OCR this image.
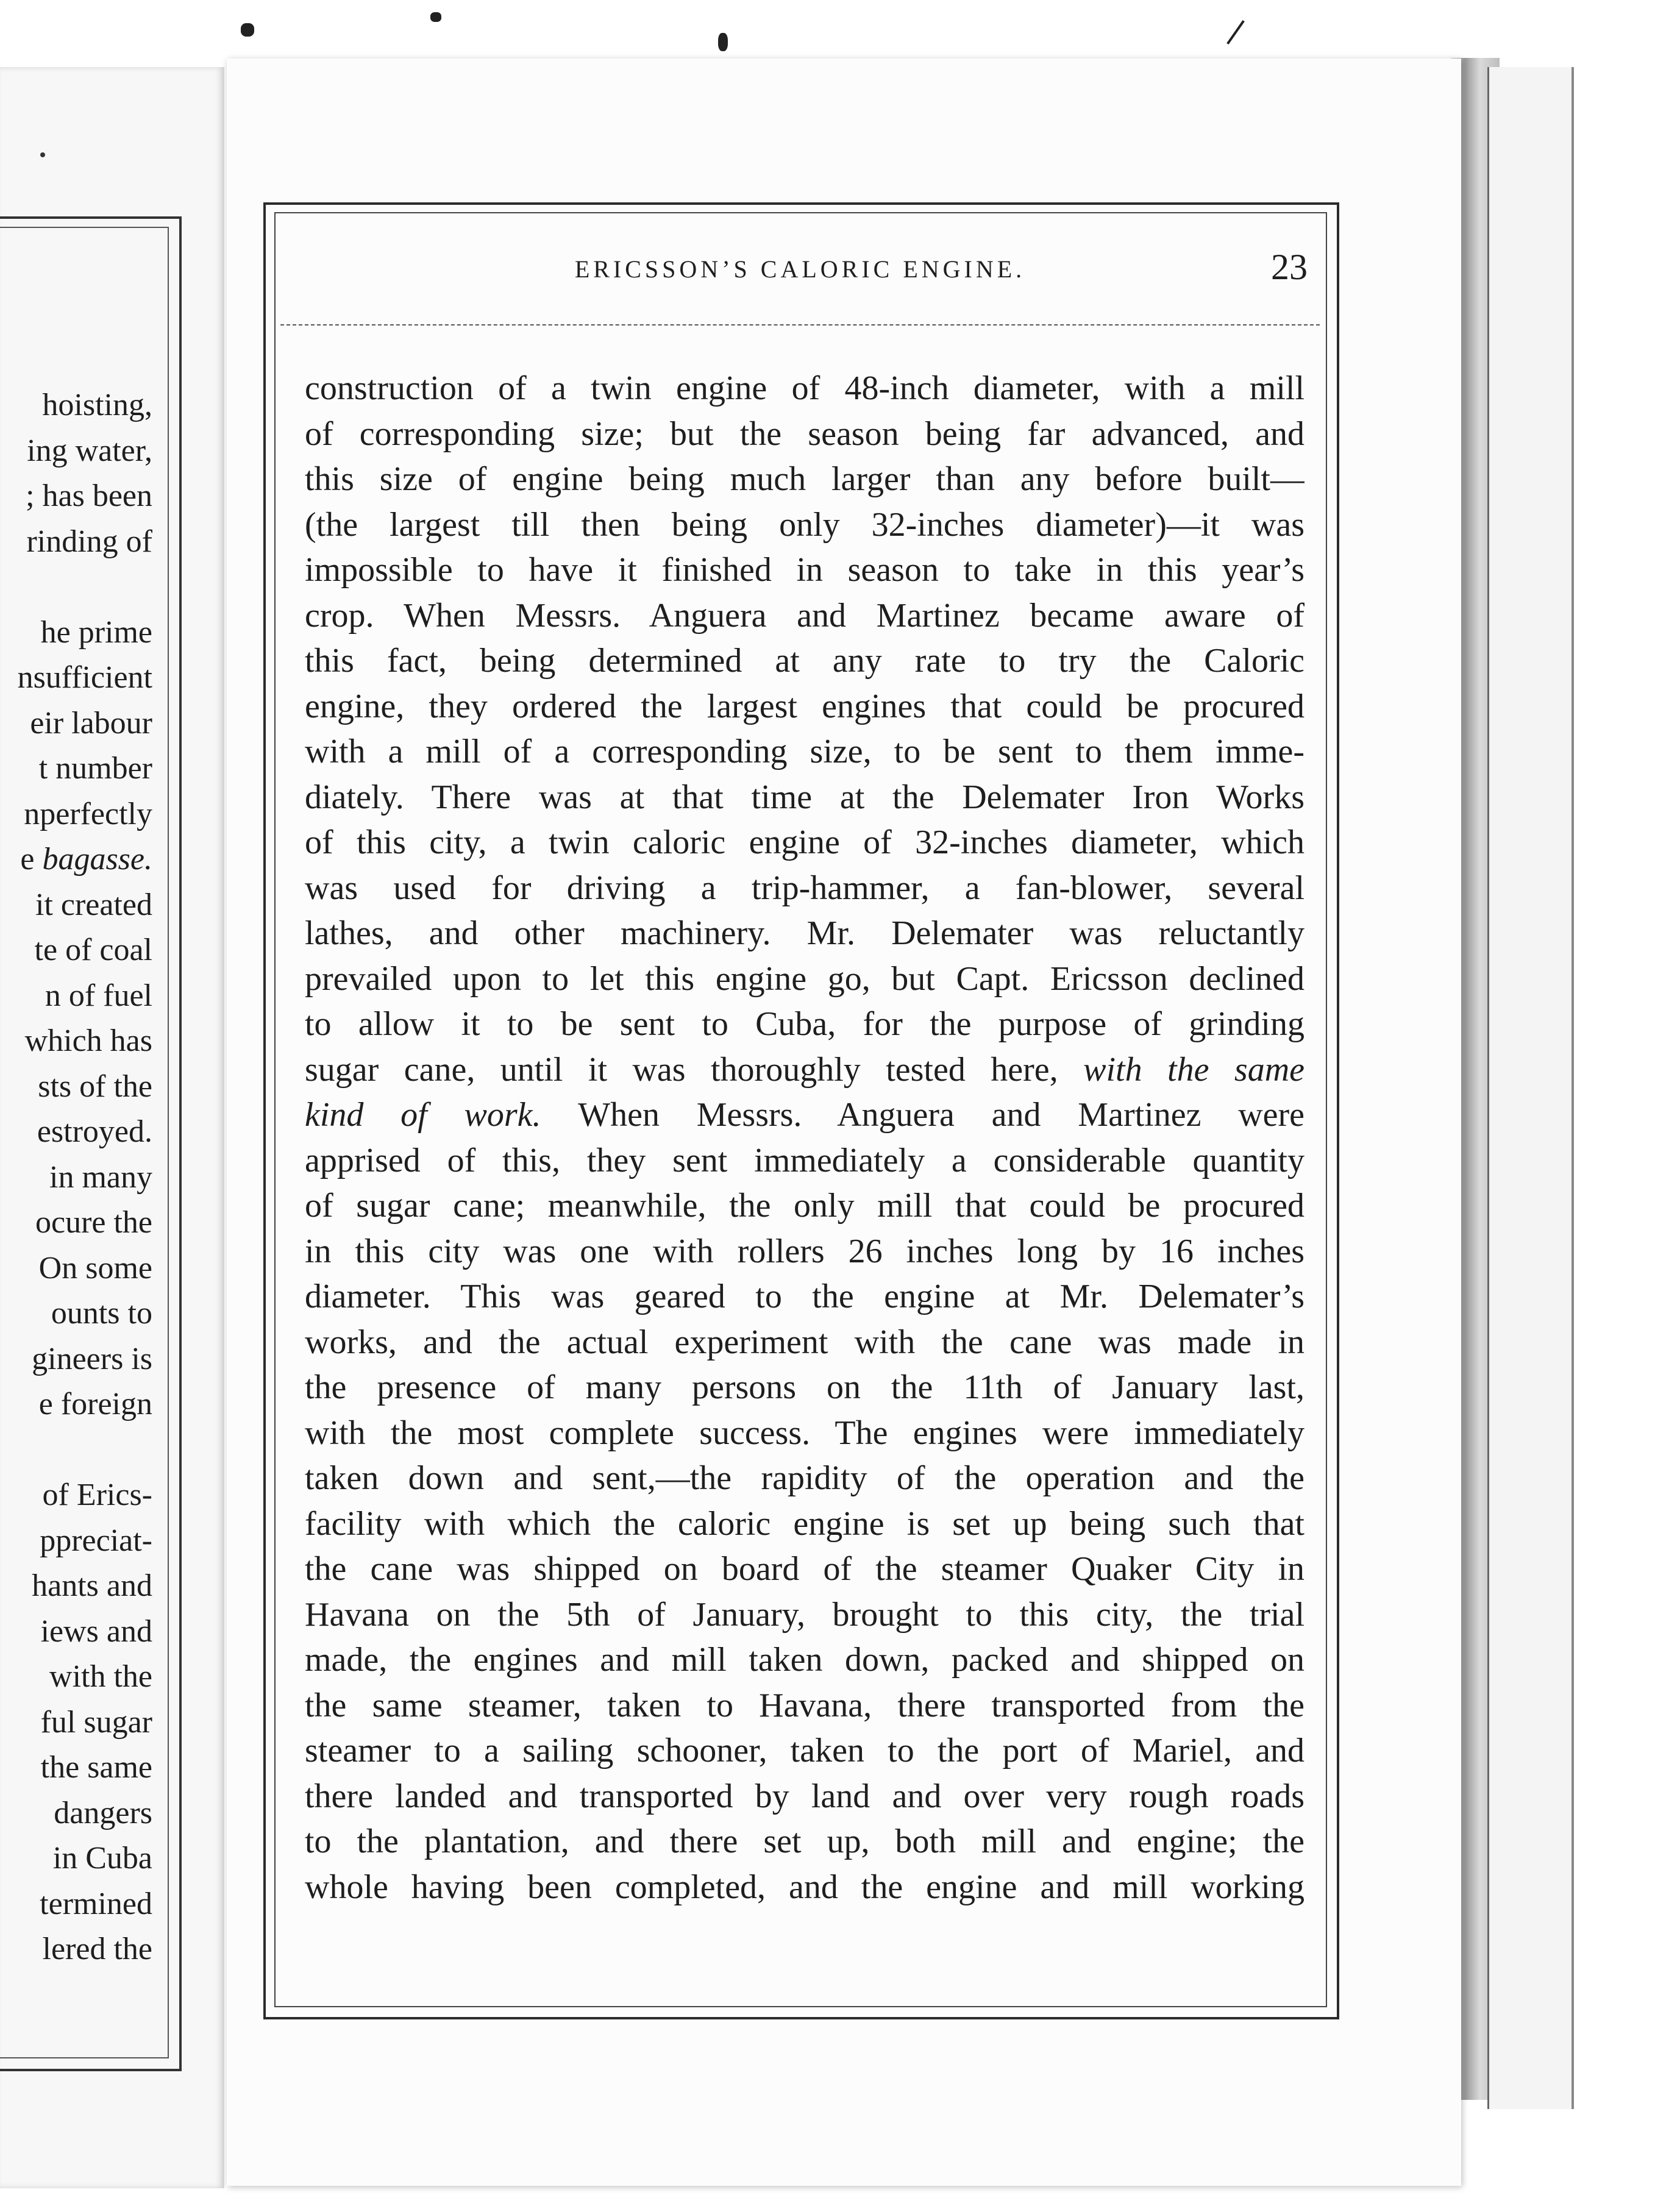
hoisting,
ing water,
; has been
rinding of
he prime
nsufficient
eir labour
t number
nperfectly
e bagasse.
it created
te of coal
n of fuel
which has
sts of the
estroyed.
in many
ocure the
On some
ounts to
gineers is
e foreign
of Erics-
ppreciat-
hants and
iews and
with the
ful sugar
the same
dangers
in Cuba
termined
lered the
ERICSSON’S CALORIC ENGINE.	23
construction of a twin engine of 48-inch diameter, with a mill
of corresponding size; but the season being far advanced, and
this size of engine being much larger than any before built—
(the largest till then being only 32-inches diameter)—it was
impossible to have it finished in season to take in this year’s
crop. When Messrs. Anguera and Martinez became aware of
this fact, being determined at any rate to try the Caloric
engine, they ordered the largest engines that could be procured
with a mill of a corresponding size, to be sent to them imme-
diately. There was at that time at the Delemater Iron Works
of this city, a twin caloric engine of 32-inches diameter, which
was used for driving a trip-hammer, a fan-blower, several
lathes, and other machinery. Mr. Delemater was reluctantly
prevailed upon to let this engine go, but Capt. Ericsson declined
to allow it to be sent to Cuba, for the purpose of grinding
sugar cane, until it was thoroughly tested here, with the same
kind of work. When Messrs. Anguera and Martinez were
apprised of this, they sent immediately a considerable quantity
of sugar cane; meanwhile, the only mill that could be procured
in this city was one with rollers 26 inches long by 16 inches
diameter. This was geared to the engine at Mr. Delemater’s
works, and the actual experiment with the cane was made in
the presence of many persons on the 11th of January last,
with the most complete success. The engines were immediately
taken down and sent,—the rapidity of the operation and the
facility with which the caloric engine is set up being such that
the cane was shipped on board of the steamer Quaker City in
Havana on the 5th of January, brought to this city, the trial
made, the engines and mill taken down, packed and shipped on
the same steamer, taken to Havana, there transported from the
steamer to a sailing schooner, taken to the port of Mariel, and
there landed and transported by land and over very rough roads
to the plantation, and there set up, both mill and engine; the
whole having been completed, and the engine and mill working
